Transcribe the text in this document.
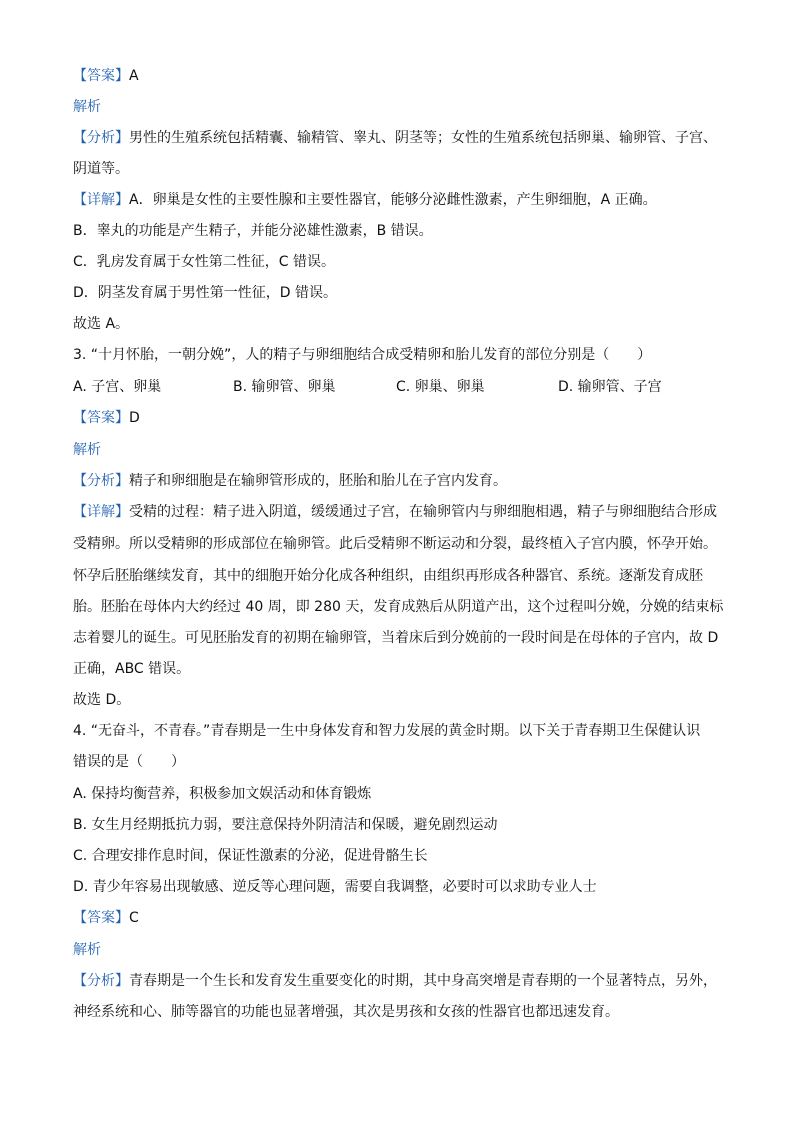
【答案】A
解析
【分析】男性的生殖系统包括精囊、输精管、睾丸、阴茎等；女性的生殖系统包括卵巢、输卵管、子宫、
阴道等。
【详解】A．卵巢是女性的主要性腺和主要性器官，能够分泌雌性激素，产生卵细胞，A 正确。
B．睾丸的功能是产生精子，并能分泌雄性激素，B 错误。
C．乳房发育属于女性第二性征，C 错误。
D．阴茎发育属于男性第一性征，D 错误。
故选 A。
3. “十月怀胎，一朝分娩”，人的精子与卵细胞结合成受精卵和胎儿发育的部位分别是（　　）
A. 子宫、卵巢	B. 输卵管、卵巢	C. 卵巢、卵巢	D. 输卵管、子宫
【答案】D
解析
【分析】精子和卵细胞是在输卵管形成的，胚胎和胎儿在子宫内发育。
【详解】受精的过程：精子进入阴道，缓缓通过子宫，在输卵管内与卵细胞相遇，精子与卵细胞结合形成
受精卵。所以受精卵的形成部位在输卵管。此后受精卵不断运动和分裂，最终植入子宫内膜，怀孕开始。
怀孕后胚胎继续发育，其中的细胞开始分化成各种组织，由组织再形成各种器官、系统。逐渐发育成胚
胎。胚胎在母体内大约经过 40 周，即 280 天，发育成熟后从阴道产出，这个过程叫分娩，分娩的结束标
志着婴儿的诞生。可见胚胎发育的初期在输卵管，当着床后到分娩前的一段时间是在母体的子宫内，故 D
正确，ABC 错误。
故选 D。
4. “无奋斗，不青春。”青春期是一生中身体发育和智力发展的黄金时期。以下关于青春期卫生保健认识
错误的是（　　）
A. 保持均衡营养，积极参加文娱活动和体育锻炼
B. 女生月经期抵抗力弱，要注意保持外阴清洁和保暖，避免剧烈运动
C. 合理安排作息时间，保证性激素的分泌，促进骨骼生长
D. 青少年容易出现敏感、逆反等心理问题，需要自我调整，必要时可以求助专业人士
【答案】C
解析
【分析】青春期是一个生长和发育发生重要变化的时期，其中身高突增是青春期的一个显著特点，另外，
神经系统和心、肺等器官的功能也显著增强，其次是男孩和女孩的性器官也都迅速发育。
